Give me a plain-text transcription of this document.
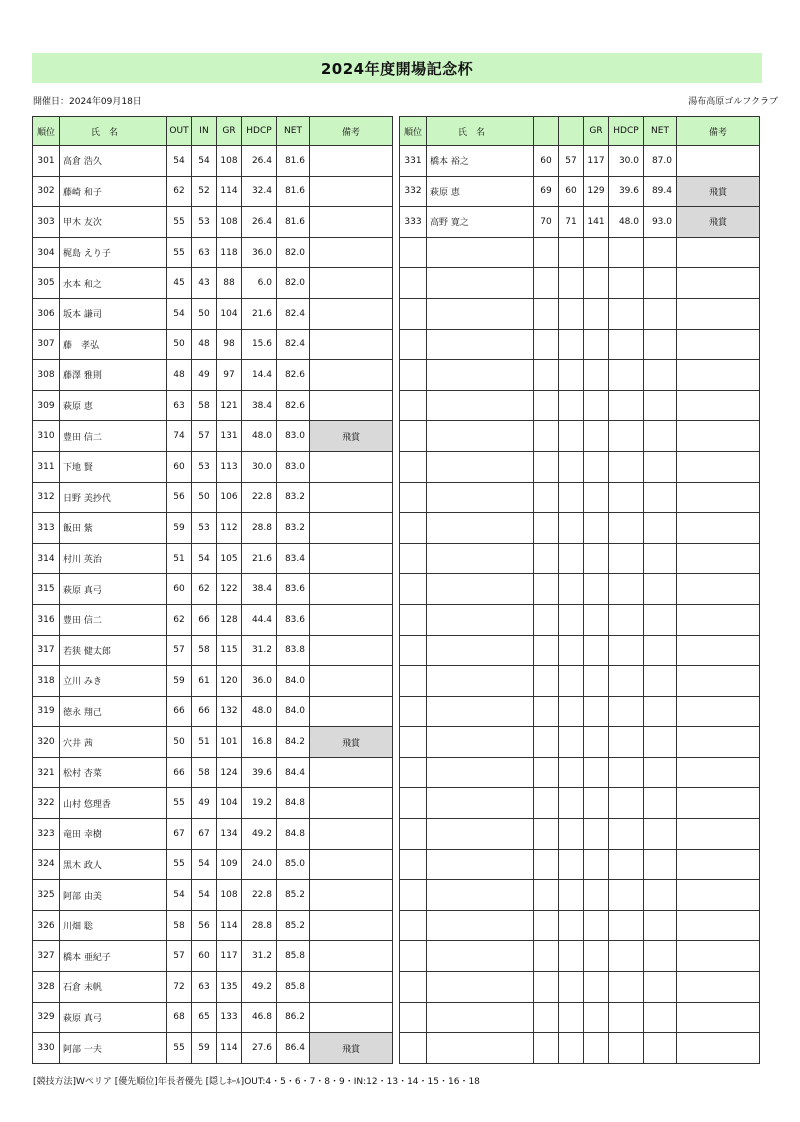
2024年度開場記念杯
開催日：2024年09月18日	湯布高原ゴルフクラブ
順位	氏　名	OUT	IN	GR	HDCP	NET	備考
301	高倉 浩久	54	54	108	26.4	81.6	
302	藤崎 和子	62	52	114	32.4	81.6	
303	甲木 友次	55	53	108	26.4	81.6	
304	梶島 えり子	55	63	118	36.0	82.0	
305	水本 和之	45	43	88	6.0	82.0	
306	坂本 謙司	54	50	104	21.6	82.4	
307	藤　孝弘	50	48	98	15.6	82.4	
308	藤澤 雅則	48	49	97	14.4	82.6	
309	萩原 恵	63	58	121	38.4	82.6	
310	豊田 信二	74	57	131	48.0	83.0	飛賞
311	下地 賢	60	53	113	30.0	83.0	
312	日野 美抄代	56	50	106	22.8	83.2	
313	飯田 紫	59	53	112	28.8	83.2	
314	村川 英治	51	54	105	21.6	83.4	
315	萩原 真弓	60	62	122	38.4	83.6	
316	豊田 信二	62	66	128	44.4	83.6	
317	若狭 健太郎	57	58	115	31.2	83.8	
318	立川 みき	59	61	120	36.0	84.0	
319	徳永 翔己	66	66	132	48.0	84.0	
320	穴井 茜	50	51	101	16.8	84.2	飛賞
321	松村 杏菜	66	58	124	39.6	84.4	
322	山村 悠理香	55	49	104	19.2	84.8	
323	竜田 幸樹	67	67	134	49.2	84.8	
324	黒木 政人	55	54	109	24.0	85.0	
325	阿部 由美	54	54	108	22.8	85.2	
326	川畑 聡	58	56	114	28.8	85.2	
327	橋本 亜紀子	57	60	117	31.2	85.8	
328	石倉 未帆	72	63	135	49.2	85.8	
329	萩原 真弓	68	65	133	46.8	86.2	
330	阿部 一夫	55	59	114	27.6	86.4	飛賞
順位	氏　名			GR	HDCP	NET	備考
331	橋本 裕之	60	57	117	30.0	87.0	
332	萩原 恵	69	60	129	39.6	89.4	飛賞
333	高野 寛之	70	71	141	48.0	93.0	飛賞

[競技方法]Wペリア [優先順位]年長者優先 [隠しﾎｰﾙ]OUT:4・5・6・7・8・9・IN:12・13・14・15・16・18
